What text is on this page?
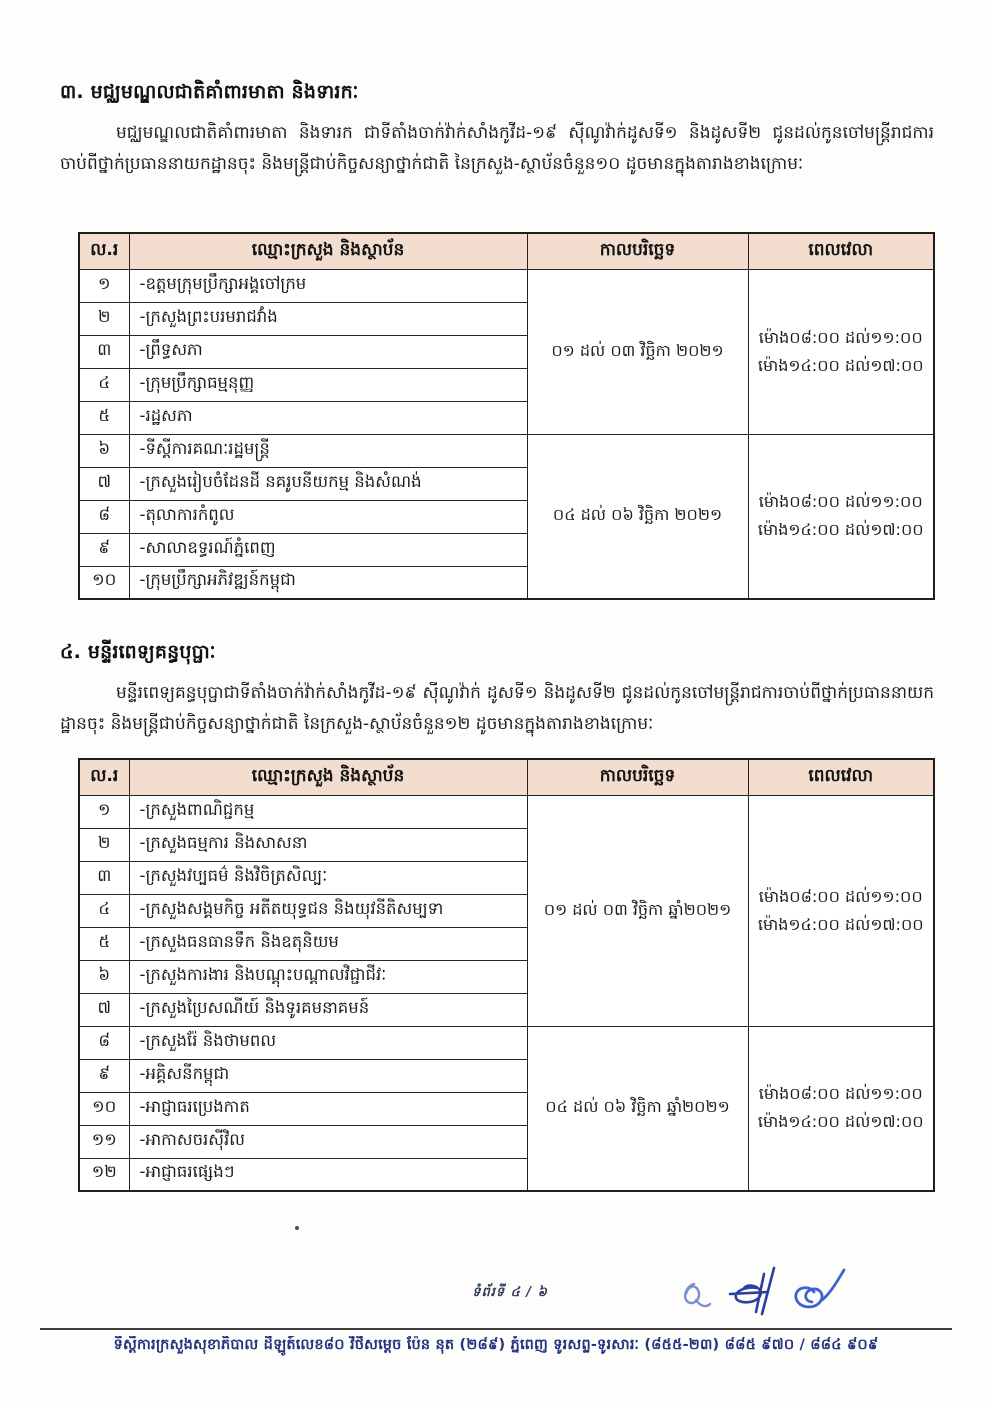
៣. មជ្ឈមណ្ឌលជាតិគាំពារមាតា និងទារកៈ
មជ្ឈមណ្ឌលជាតិគាំពារមាតា និងទារក ជាទីតាំងចាក់វ៉ាក់សាំងកូវីដ-១៩ ស៊ីណូវ៉ាក់ដូសទី១ និងដូសទី២ ជូនដល់កូនចៅមន្ត្រីរាជការចាប់ពីថ្នាក់ប្រធាននាយកដ្ឋានចុះ និងមន្ត្រីជាប់កិច្ចសន្យាថ្នាក់ជាតិ នៃក្រសួង-ស្ថាប័នចំនួន១០ ដូចមានក្នុងតារាងខាងក្រោមៈ
ល.រ	ឈ្មោះក្រសួង និងស្ថាប័ន	កាលបរិច្ឆេទ	ពេលវេលា
១	-ឧត្តមក្រុមប្រឹក្សាអង្គចៅក្រម	០១ ដល់ ០៣ វិច្ឆិកា ២០២១	ម៉ោង០៨:០០ ដល់១១:០០
ម៉ោង១៤:០០ ដល់១៧:០០

២	-ក្រសួងព្រះបរមរាជវាំង		
៣	-ព្រឹទ្ធសភា		
៤	-ក្រុមប្រឹក្សាធម្មនុញ្ញ		
៥	-រដ្ឋសភា		
៦	-ទីស្តីការគណៈរដ្ឋមន្ត្រី	០៤ ដល់ ០៦ វិច្ឆិកា ២០២១	ម៉ោង០៨:០០ ដល់១១:០០
ម៉ោង១៤:០០ ដល់១៧:០០

៧	-ក្រសួងរៀបចំដែនដី នគរូបនីយកម្ម និងសំណង់		
៨	-តុលាការកំពូល		
៩	-សាលាឧទ្ធរណ៍ភ្នំពេញ		
១០	-ក្រុមប្រឹក្សាអភិវឌ្ឍន៍កម្ពុជា		
៤. មន្ទីរពេទ្យគន្ធបុប្ផាៈ
មន្ទីរពេទ្យគន្ធបុប្ផាជាទីតាំងចាក់វ៉ាក់សាំងកូវីដ-១៩ ស៊ីណូវ៉ាក់ ដូសទី១ និងដូសទី២ ជូនដល់កូនចៅមន្ត្រីរាជការចាប់ពីថ្នាក់ប្រធាននាយកដ្ឋានចុះ និងមន្ត្រីជាប់កិច្ចសន្យាថ្នាក់ជាតិ នៃក្រសួង-ស្ថាប័នចំនួន១២ ដូចមានក្នុងតារាងខាងក្រោមៈ
ល.រ	ឈ្មោះក្រសួង និងស្ថាប័ន	កាលបរិច្ឆេទ	ពេលវេលា
១	-ក្រសួងពាណិជ្ជកម្ម	០១ ដល់ ០៣ វិច្ឆិកា ឆ្នាំ២០២១	ម៉ោង០៨:០០ ដល់១១:០០
ម៉ោង១៤:០០ ដល់១៧:០០

២	-ក្រសួងធម្មការ និងសាសនា		
៣	-ក្រសួងវប្បធម៌ និងវិចិត្រសិល្បៈ		
៤	-ក្រសួងសង្គមកិច្ច អតីតយុទ្ធជន និងយុវនីតិសម្បទា		
៥	-ក្រសួងធនធានទឹក និងឧតុនិយម		
៦	-ក្រសួងការងារ និងបណ្តុះបណ្តាលវិជ្ជាជីវៈ		
៧	-ក្រសួងប្រៃសណីយ៍ និងទូរគមនាគមន៍		
៨	-ក្រសួងរ៉ែ និងថាមពល	០៤ ដល់ ០៦ វិច្ឆិកា ឆ្នាំ២០២១	ម៉ោង០៨:០០ ដល់១១:០០
ម៉ោង១៤:០០ ដល់១៧:០០

៩	-អគ្គិសនីកម្ពុជា		
១០	-អាជ្ញាធរប្រេងកាត		
១១	-អាកាសចរស៊ីវិល		
១២	-អាជ្ញាធរផ្សេងៗ		
ទំព័រទី ៤ / ៦
ទីស្តីការក្រសួងសុខាភិបាល ដីឡូត៍លេខ៨០ វិថីសម្តេច ប៉ែន នុត (២៨៩) ភ្នំពេញ ទូរសព្ទ-ទូរសារៈ (៨៥៥-២៣) ៨៨៥ ៩៧០ / ៨៨៤ ៩០៩
